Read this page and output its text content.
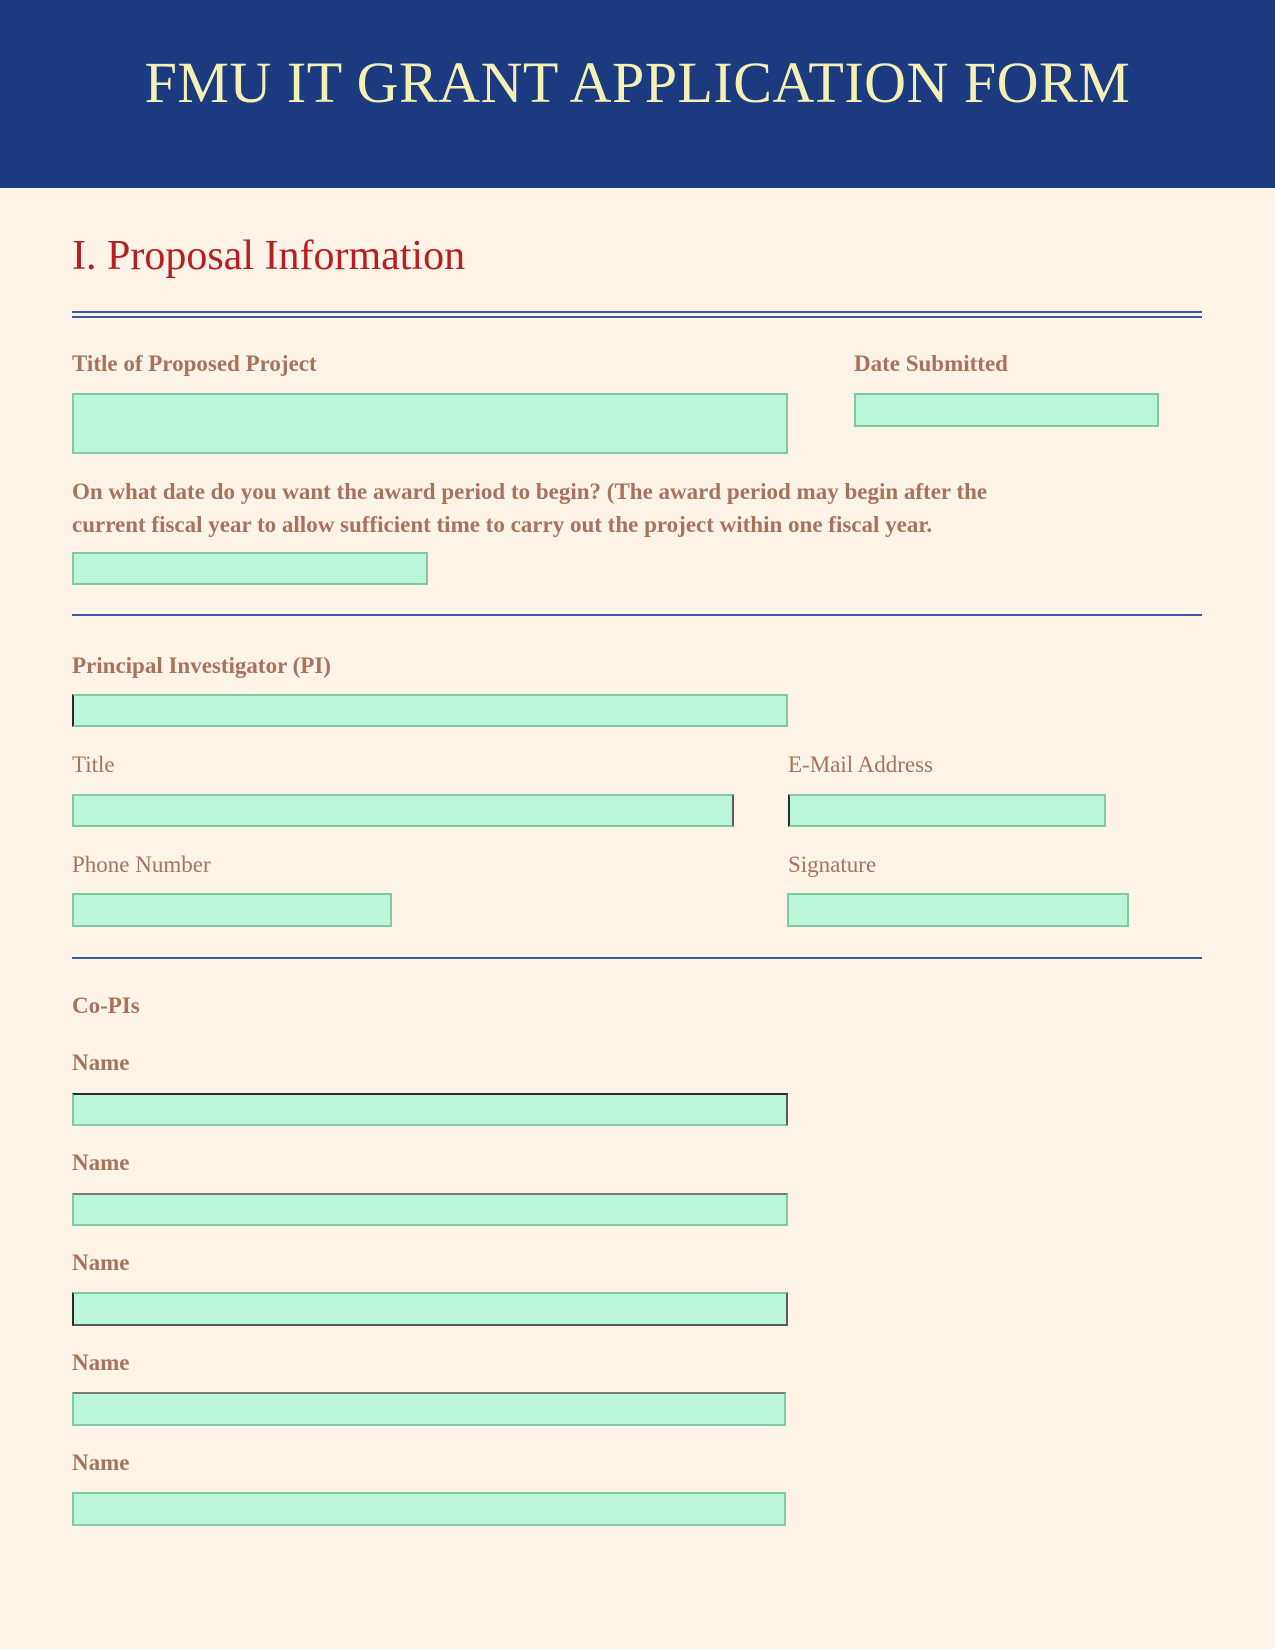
FMU IT GRANT APPLICATION FORM
I. Proposal Information
Title of Proposed Project	Date Submitted
On what date do you want the award period to begin? (The award period may begin after the
current fiscal year to allow sufficient time to carry out the project within one fiscal year.
Principal Investigator (PI)
Title	E-Mail Address
Phone Number	Signature
Co-PIs
Name
Name
Name
Name
Name
